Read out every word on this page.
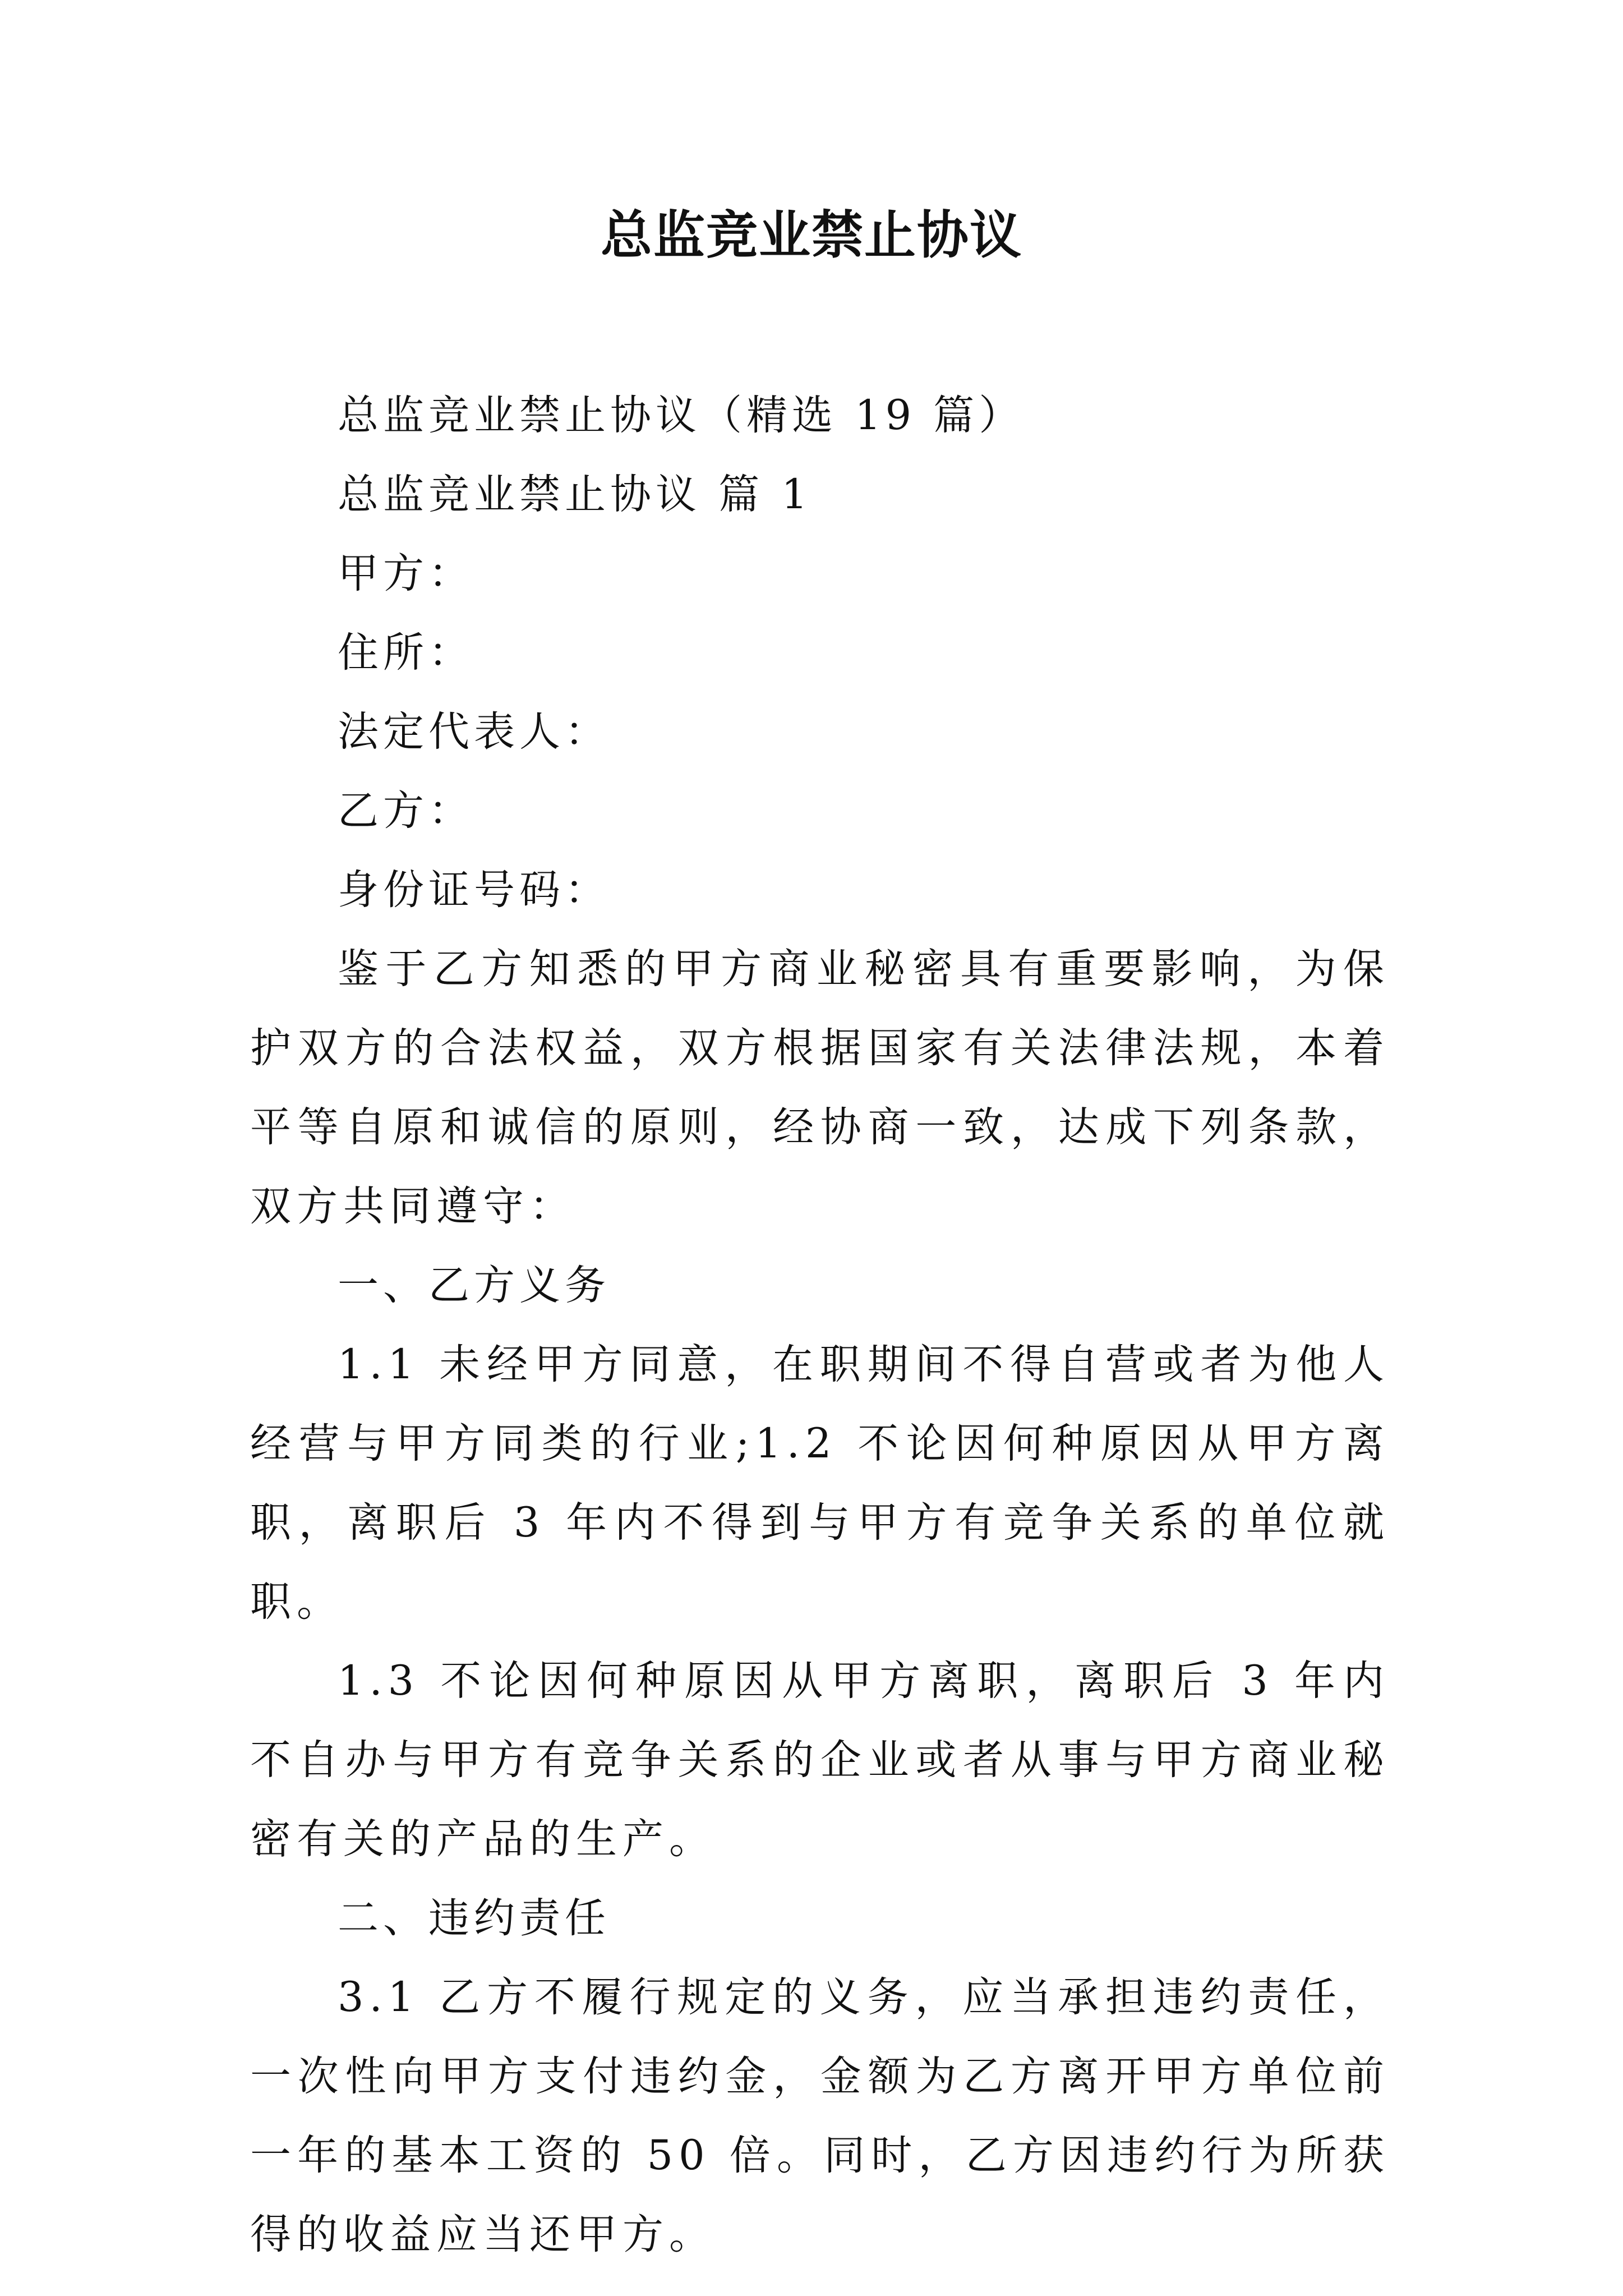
总监竞业禁止协议

总监竞业禁止协议（精选 19 篇）

总监竞业禁止协议 篇 1

甲方：

住所：

法定代表人：

乙方：

身份证号码：

鉴于乙方知悉的甲方商业秘密具有重要影响，为保护双方的合法权益，双方根据国家有关法律法规，本着平等自原和诚信的原则，经协商一致，达成下列条款，双方共同遵守：

一、乙方义务

1.1 未经甲方同意，在职期间不得自营或者为他人经营与甲方同类的行业;1.2 不论因何种原因从甲方离职，离职后 3 年内不得到与甲方有竞争关系的单位就职。

1.3 不论因何种原因从甲方离职，离职后 3 年内不自办与甲方有竞争关系的企业或者从事与甲方商业秘密有关的产品的生产。

二、违约责任

3.1 乙方不履行规定的义务，应当承担违约责任，一次性向甲方支付违约金，金额为乙方离开甲方单位前一年的基本工资的 50 倍。同时，乙方因违约行为所获得的收益应当还甲方。
